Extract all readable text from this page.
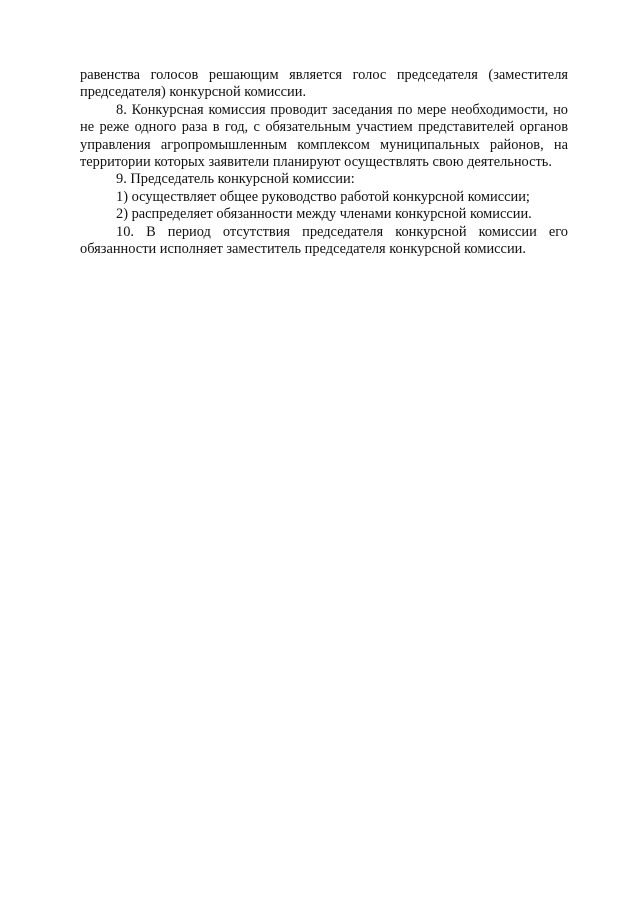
равенства голосов решающим является голос председателя (заместителя председателя) конкурсной комиссии.

8. Конкурсная комиссия проводит заседания по мере необходимости, но не реже одного раза в год, с обязательным участием представителей органов управления агропромышленным комплексом муниципальных районов, на территории которых заявители планируют осуществлять свою деятельность.

9. Председатель конкурсной комиссии:

1) осуществляет общее руководство работой конкурсной комиссии;

2) распределяет обязанности между членами конкурсной комиссии.

10. В период отсутствия председателя конкурсной комиссии его обязанности исполняет заместитель председателя конкурсной комиссии.
